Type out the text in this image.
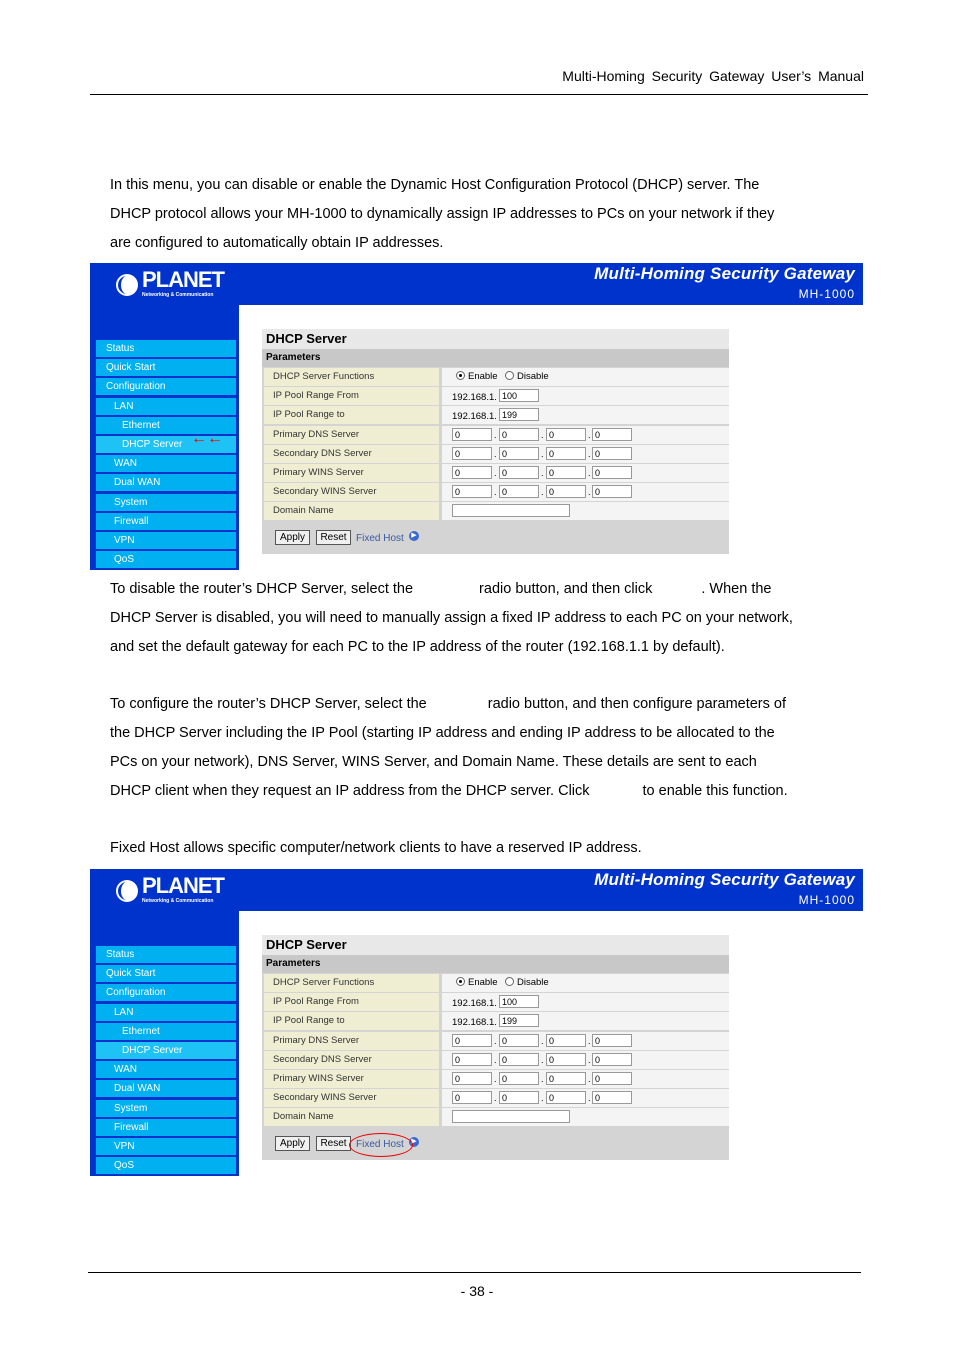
Multi-Homing Security Gateway User’s Manual
In this menu, you can disable or enable the Dynamic Host Configuration Protocol (DHCP) server. The
DHCP protocol allows your MH-1000 to dynamically assign IP addresses to PCs on your network if they
are configured to automatically obtain IP addresses.
PLANET
Networking & Communication
Multi-Homing Security Gateway
MH-1000
Status
Quick Start
Configuration
LAN
Ethernet
DHCP Server
WAN
Dual WAN
System
Firewall
VPN
QoS
←←
DHCP Server
Parameters
DHCP Server Functions	Enable Disable
IP Pool Range From	192.168.1. 100
IP Pool Range to	192.168.1. 199
Primary DNS Server	0	. 0	. 0	. 0
Secondary DNS Server	0	. 0	. 0	. 0
Primary WINS Server	0	. 0	. 0	. 0
Secondary WINS Server	0	. 0	. 0	. 0
Domain Name
Apply	Reset Fixed Host	▶
To disable the router’s DHCP Server, select the	radio button, and then click	. When the
DHCP Server is disabled, you will need to manually assign a fixed IP address to each PC on your network,
and set the default gateway for each PC to the IP address of the router (192.168.1.1 by default).
To configure the router’s DHCP Server, select the	radio button, and then configure parameters of
the DHCP Server including the IP Pool (starting IP address and ending IP address to be allocated to the
PCs on your network), DNS Server, WINS Server, and Domain Name. These details are sent to each
DHCP client when they request an IP address from the DHCP server. Click	to enable this function.
Fixed Host allows specific computer/network clients to have a reserved IP address.
PLANET
Networking & Communication
Multi-Homing Security Gateway
MH-1000
Status
Quick Start
Configuration
LAN
Ethernet
DHCP Server
WAN
Dual WAN
System
Firewall
VPN
QoS
DHCP Server
Parameters
DHCP Server Functions	Enable Disable
IP Pool Range From	192.168.1. 100
IP Pool Range to	192.168.1. 199
Primary DNS Server	0	. 0	. 0	. 0
Secondary DNS Server	0	. 0	. 0	. 0
Primary WINS Server	0	. 0	. 0	. 0
Secondary WINS Server	0	. 0	. 0	. 0
Domain Name
Apply	Reset Fixed Host	▶
- 38 -
